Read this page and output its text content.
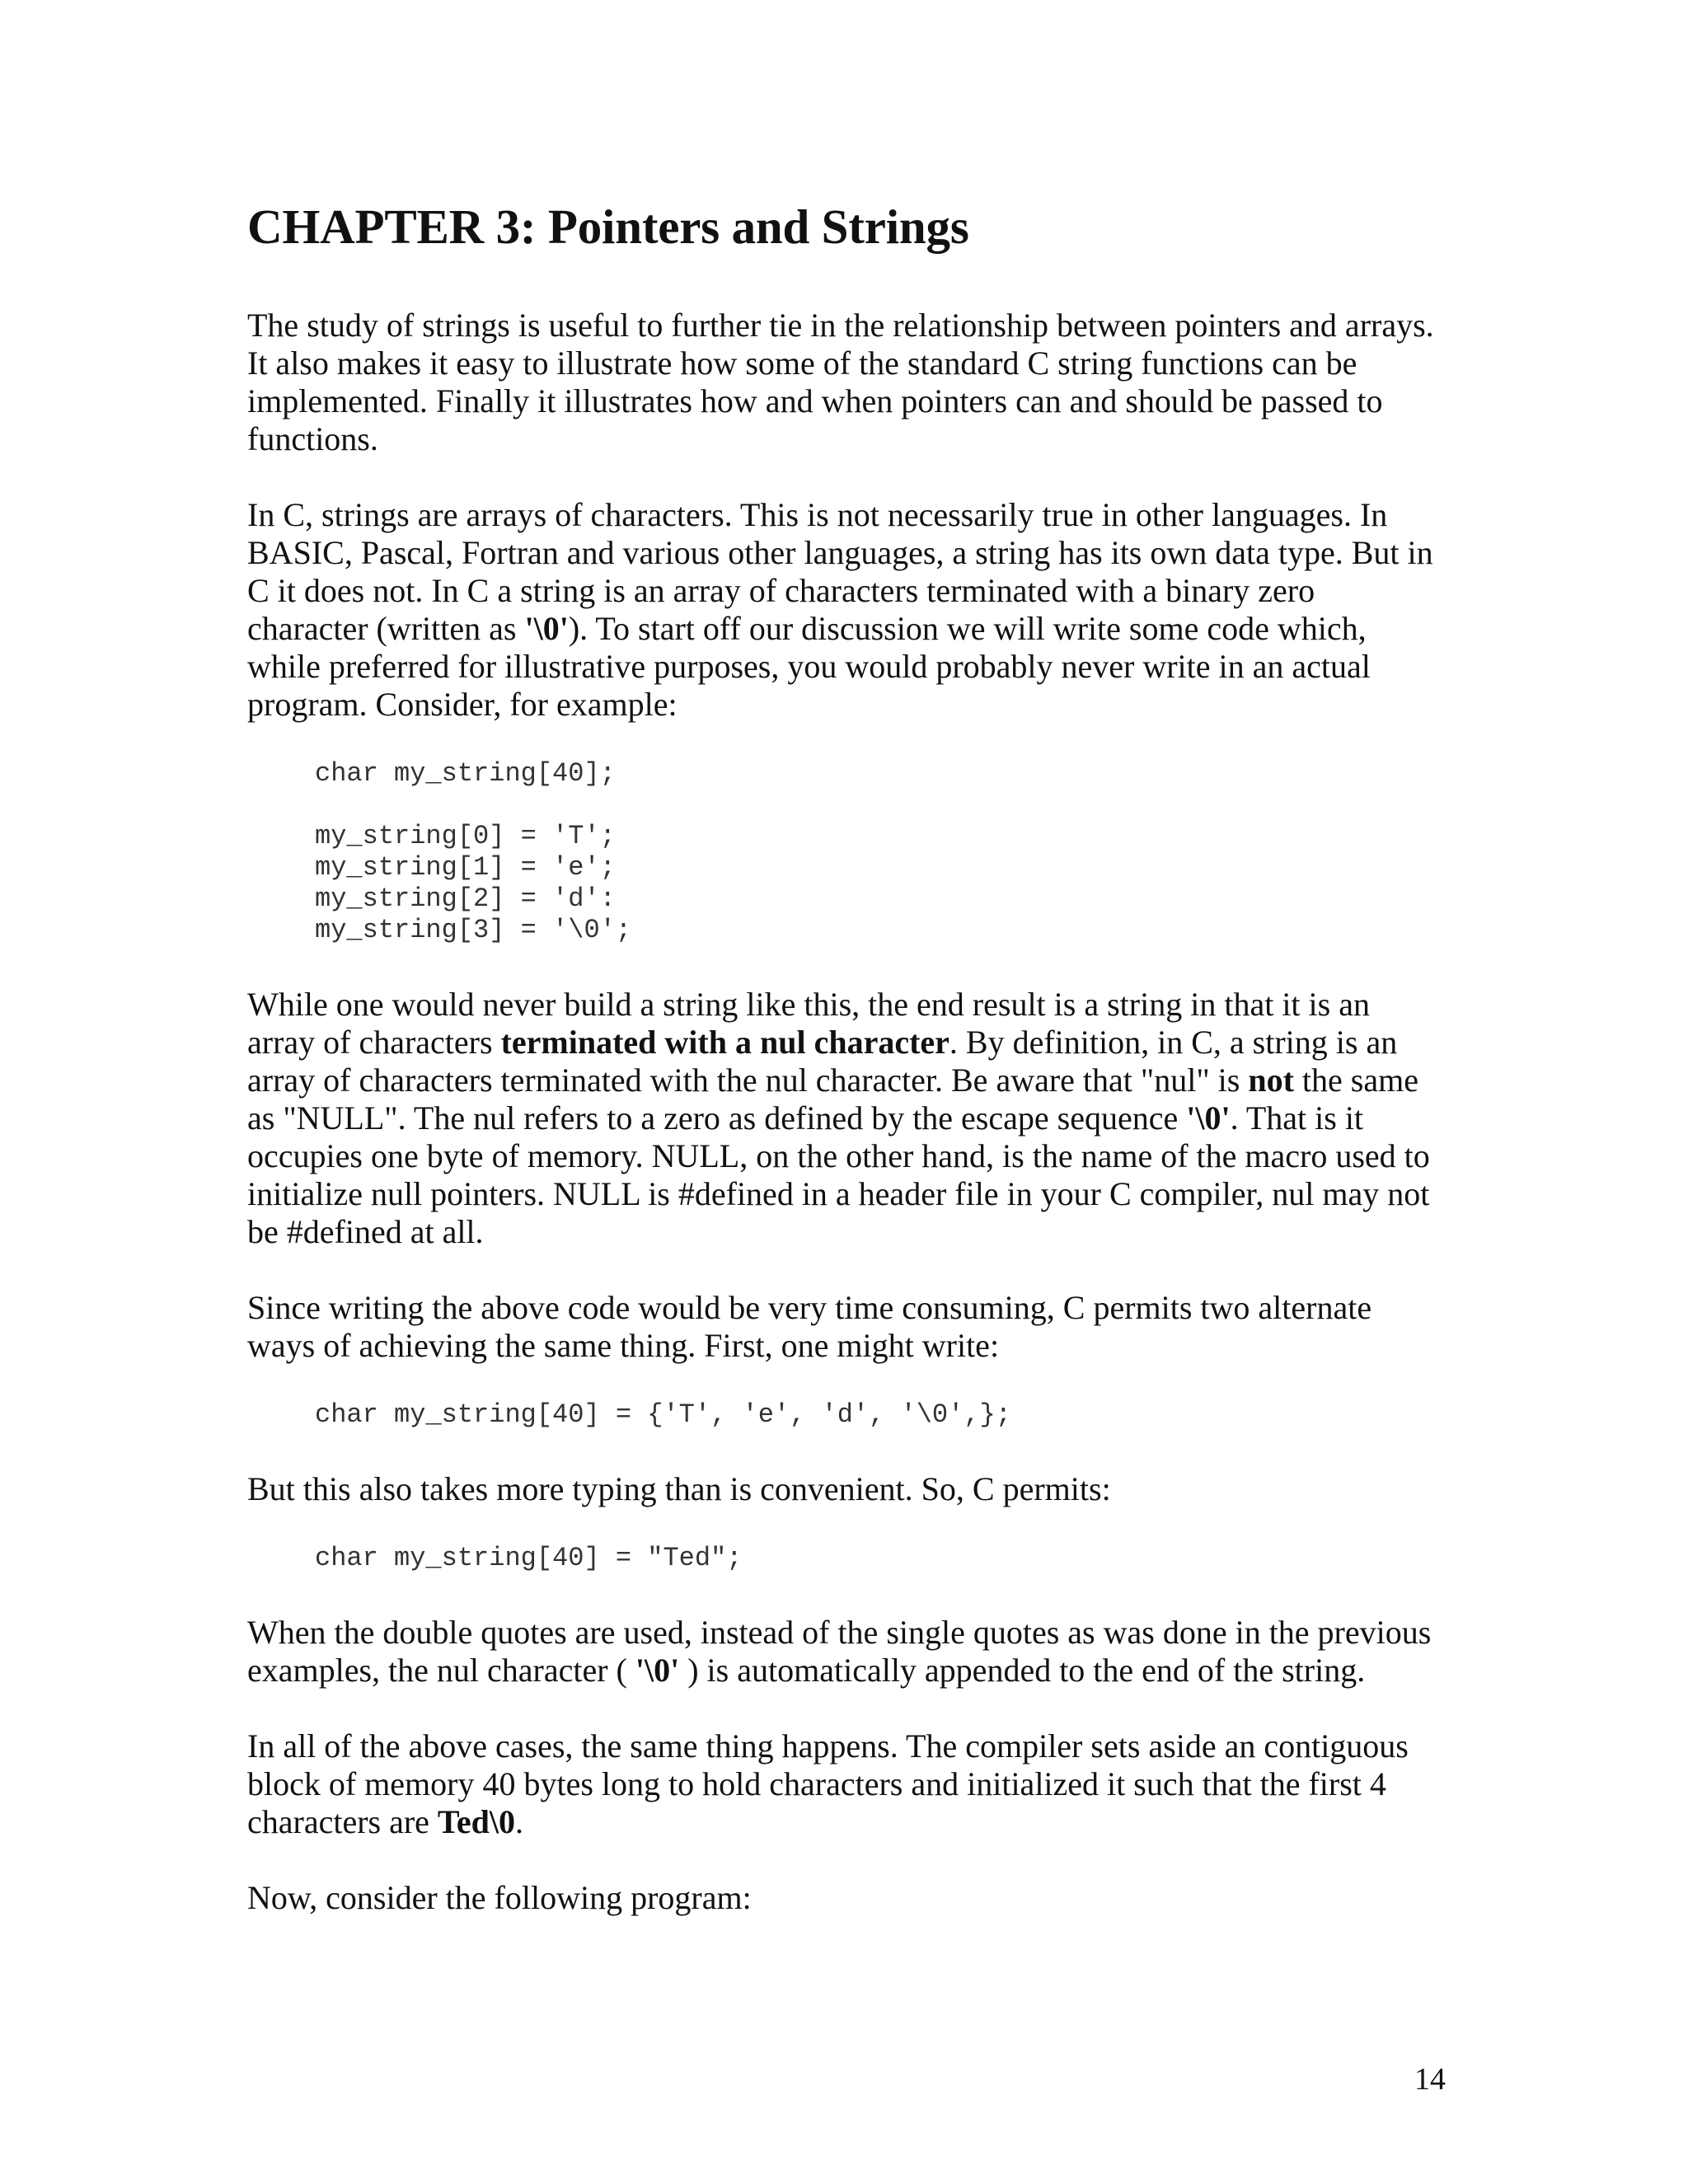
CHAPTER 3: Pointers and Strings

The study of strings is useful to further tie in the relationship between pointers and arrays.
It also makes it easy to illustrate how some of the standard C string functions can be
implemented. Finally it illustrates how and when pointers can and should be passed to
functions.

In C, strings are arrays of characters. This is not necessarily true in other languages. In
BASIC, Pascal, Fortran and various other languages, a string has its own data type. But in
C it does not. In C a string is an array of characters terminated with a binary zero
character (written as '\0'). To start off our discussion we will write some code which,
while preferred for illustrative purposes, you would probably never write in an actual
program. Consider, for example:

char my_string[40];

my_string[0] = 'T';
my_string[1] = 'e';
my_string[2] = 'd':
my_string[3] = '\0';

While one would never build a string like this, the end result is a string in that it is an
array of characters terminated with a nul character. By definition, in C, a string is an
array of characters terminated with the nul character. Be aware that "nul" is not the same
as "NULL". The nul refers to a zero as defined by the escape sequence '\0'. That is it
occupies one byte of memory. NULL, on the other hand, is the name of the macro used to
initialize null pointers. NULL is #defined in a header file in your C compiler, nul may not
be #defined at all.

Since writing the above code would be very time consuming, C permits two alternate
ways of achieving the same thing. First, one might write:

char my_string[40] = {'T', 'e', 'd', '\0',};

But this also takes more typing than is convenient. So, C permits:

char my_string[40] = "Ted";

When the double quotes are used, instead of the single quotes as was done in the previous
examples, the nul character ( '\0' ) is automatically appended to the end of the string.

In all of the above cases, the same thing happens. The compiler sets aside an contiguous
block of memory 40 bytes long to hold characters and initialized it such that the first 4
characters are Ted\0.

Now, consider the following program:

14
